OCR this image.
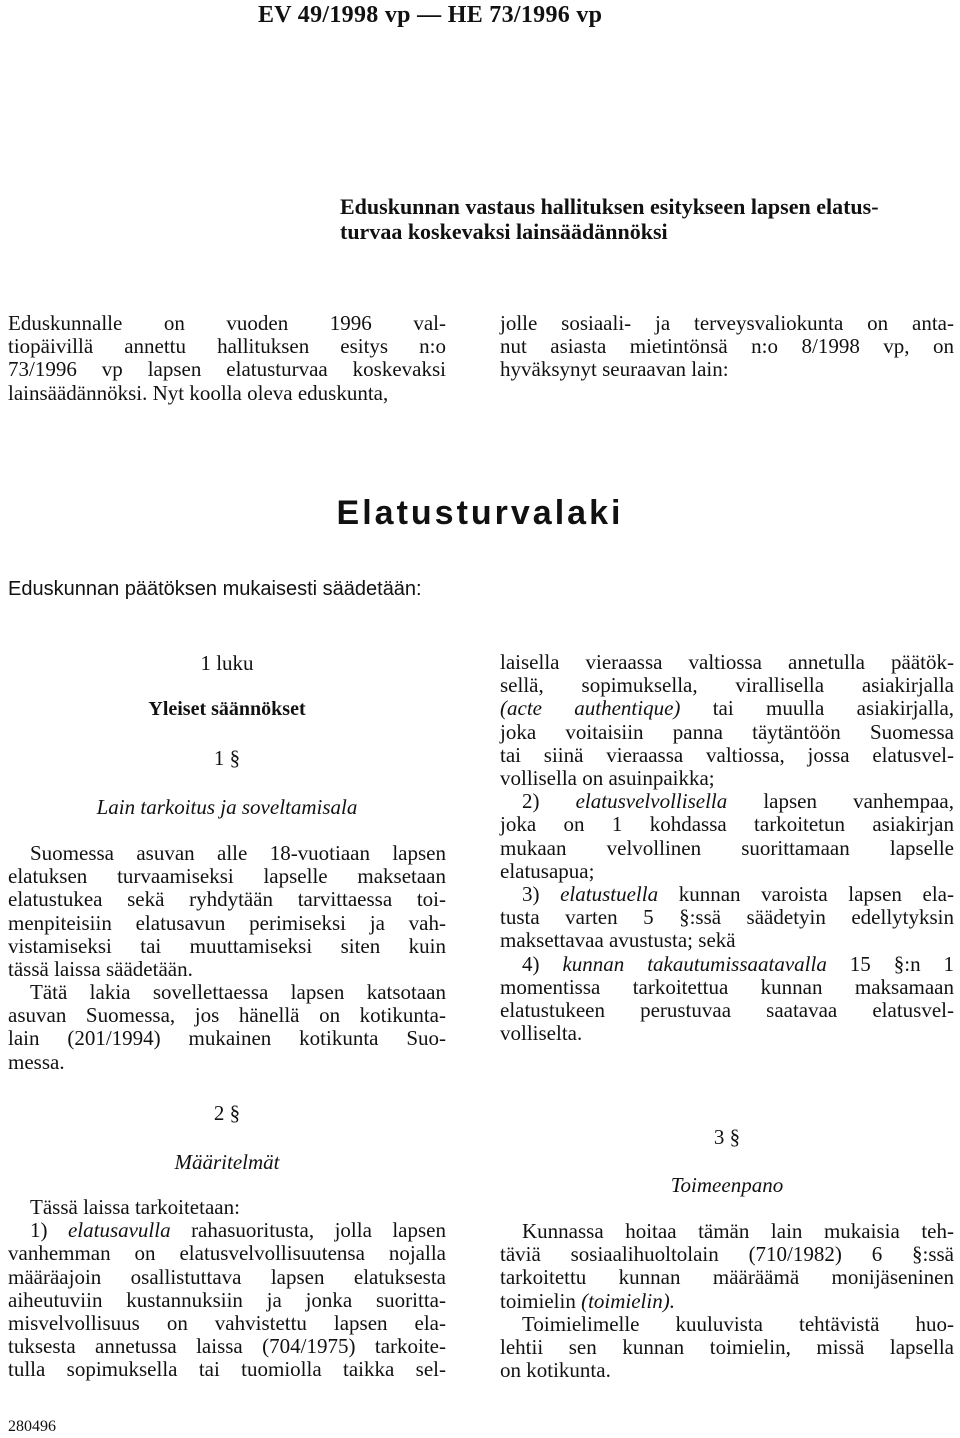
EV 49/1998 vp — HE 73/1996 vp
Eduskunnan vastaus hallituksen esitykseen lapsen elatus-
turvaa koskevaksi lainsäädännöksi
Eduskunnalle on vuoden 1996 val-
tiopäivillä annettu hallituksen esitys n:o
73/1996 vp lapsen elatusturvaa koskevaksi
lainsäädännöksi. Nyt koolla oleva eduskunta,
jolle sosiaali- ja terveysvaliokunta on anta-
nut asiasta mietintönsä n:o 8/1998 vp, on
hyväksynyt seuraavan lain:
Elatusturvalaki
Eduskunnan päätöksen mukaisesti säädetään:
1 luku
Yleiset säännökset
1 §
Lain tarkoitus ja soveltamisala
Suomessa asuvan alle 18-vuotiaan lapsen
elatuksen turvaamiseksi lapselle maksetaan
elatustukea sekä ryhdytään tarvittaessa toi-
menpiteisiin elatusavun perimiseksi ja vah-
vistamiseksi tai muuttamiseksi siten kuin
tässä laissa säädetään.
Tätä lakia sovellettaessa lapsen katsotaan
asuvan Suomessa, jos hänellä on kotikunta-
lain (201/1994) mukainen kotikunta Suo-
messa.
2 §
Määritelmät
Tässä laissa tarkoitetaan:
1) elatusavulla rahasuoritusta, jolla lapsen
vanhemman on elatusvelvollisuutensa nojalla
määräajoin osallistuttava lapsen elatuksesta
aiheutuviin kustannuksiin ja jonka suoritta-
misvelvollisuus on vahvistettu lapsen ela-
tuksesta annetussa laissa (704/1975) tarkoite-
tulla sopimuksella tai tuomiolla taikka sel-
laisella vieraassa valtiossa annetulla päätök-
sellä, sopimuksella, virallisella asiakirjalla
(acte authentique) tai muulla asiakirjalla,
joka voitaisiin panna täytäntöön Suomessa
tai siinä vieraassa valtiossa, jossa elatusvel-
vollisella on asuinpaikka;
2) elatusvelvollisella lapsen vanhempaa,
joka on 1 kohdassa tarkoitetun asiakirjan
mukaan velvollinen suorittamaan lapselle
elatusapua;
3) elatustuella kunnan varoista lapsen ela-
tusta varten 5 §:ssä säädetyin edellytyksin
maksettavaa avustusta; sekä
4) kunnan takautumissaatavalla 15 §:n 1
momentissa tarkoitettua kunnan maksamaan
elatustukeen perustuvaa saatavaa elatusvel-
volliselta.
3 §
Toimeenpano
Kunnassa hoitaa tämän lain mukaisia teh-
täviä sosiaalihuoltolain (710/1982) 6 §:ssä
tarkoitettu kunnan määräämä monijäseninen
toimielin (toimielin).
Toimielimelle kuuluvista tehtävistä huo-
lehtii sen kunnan toimielin, missä lapsella
on kotikunta.
280496
